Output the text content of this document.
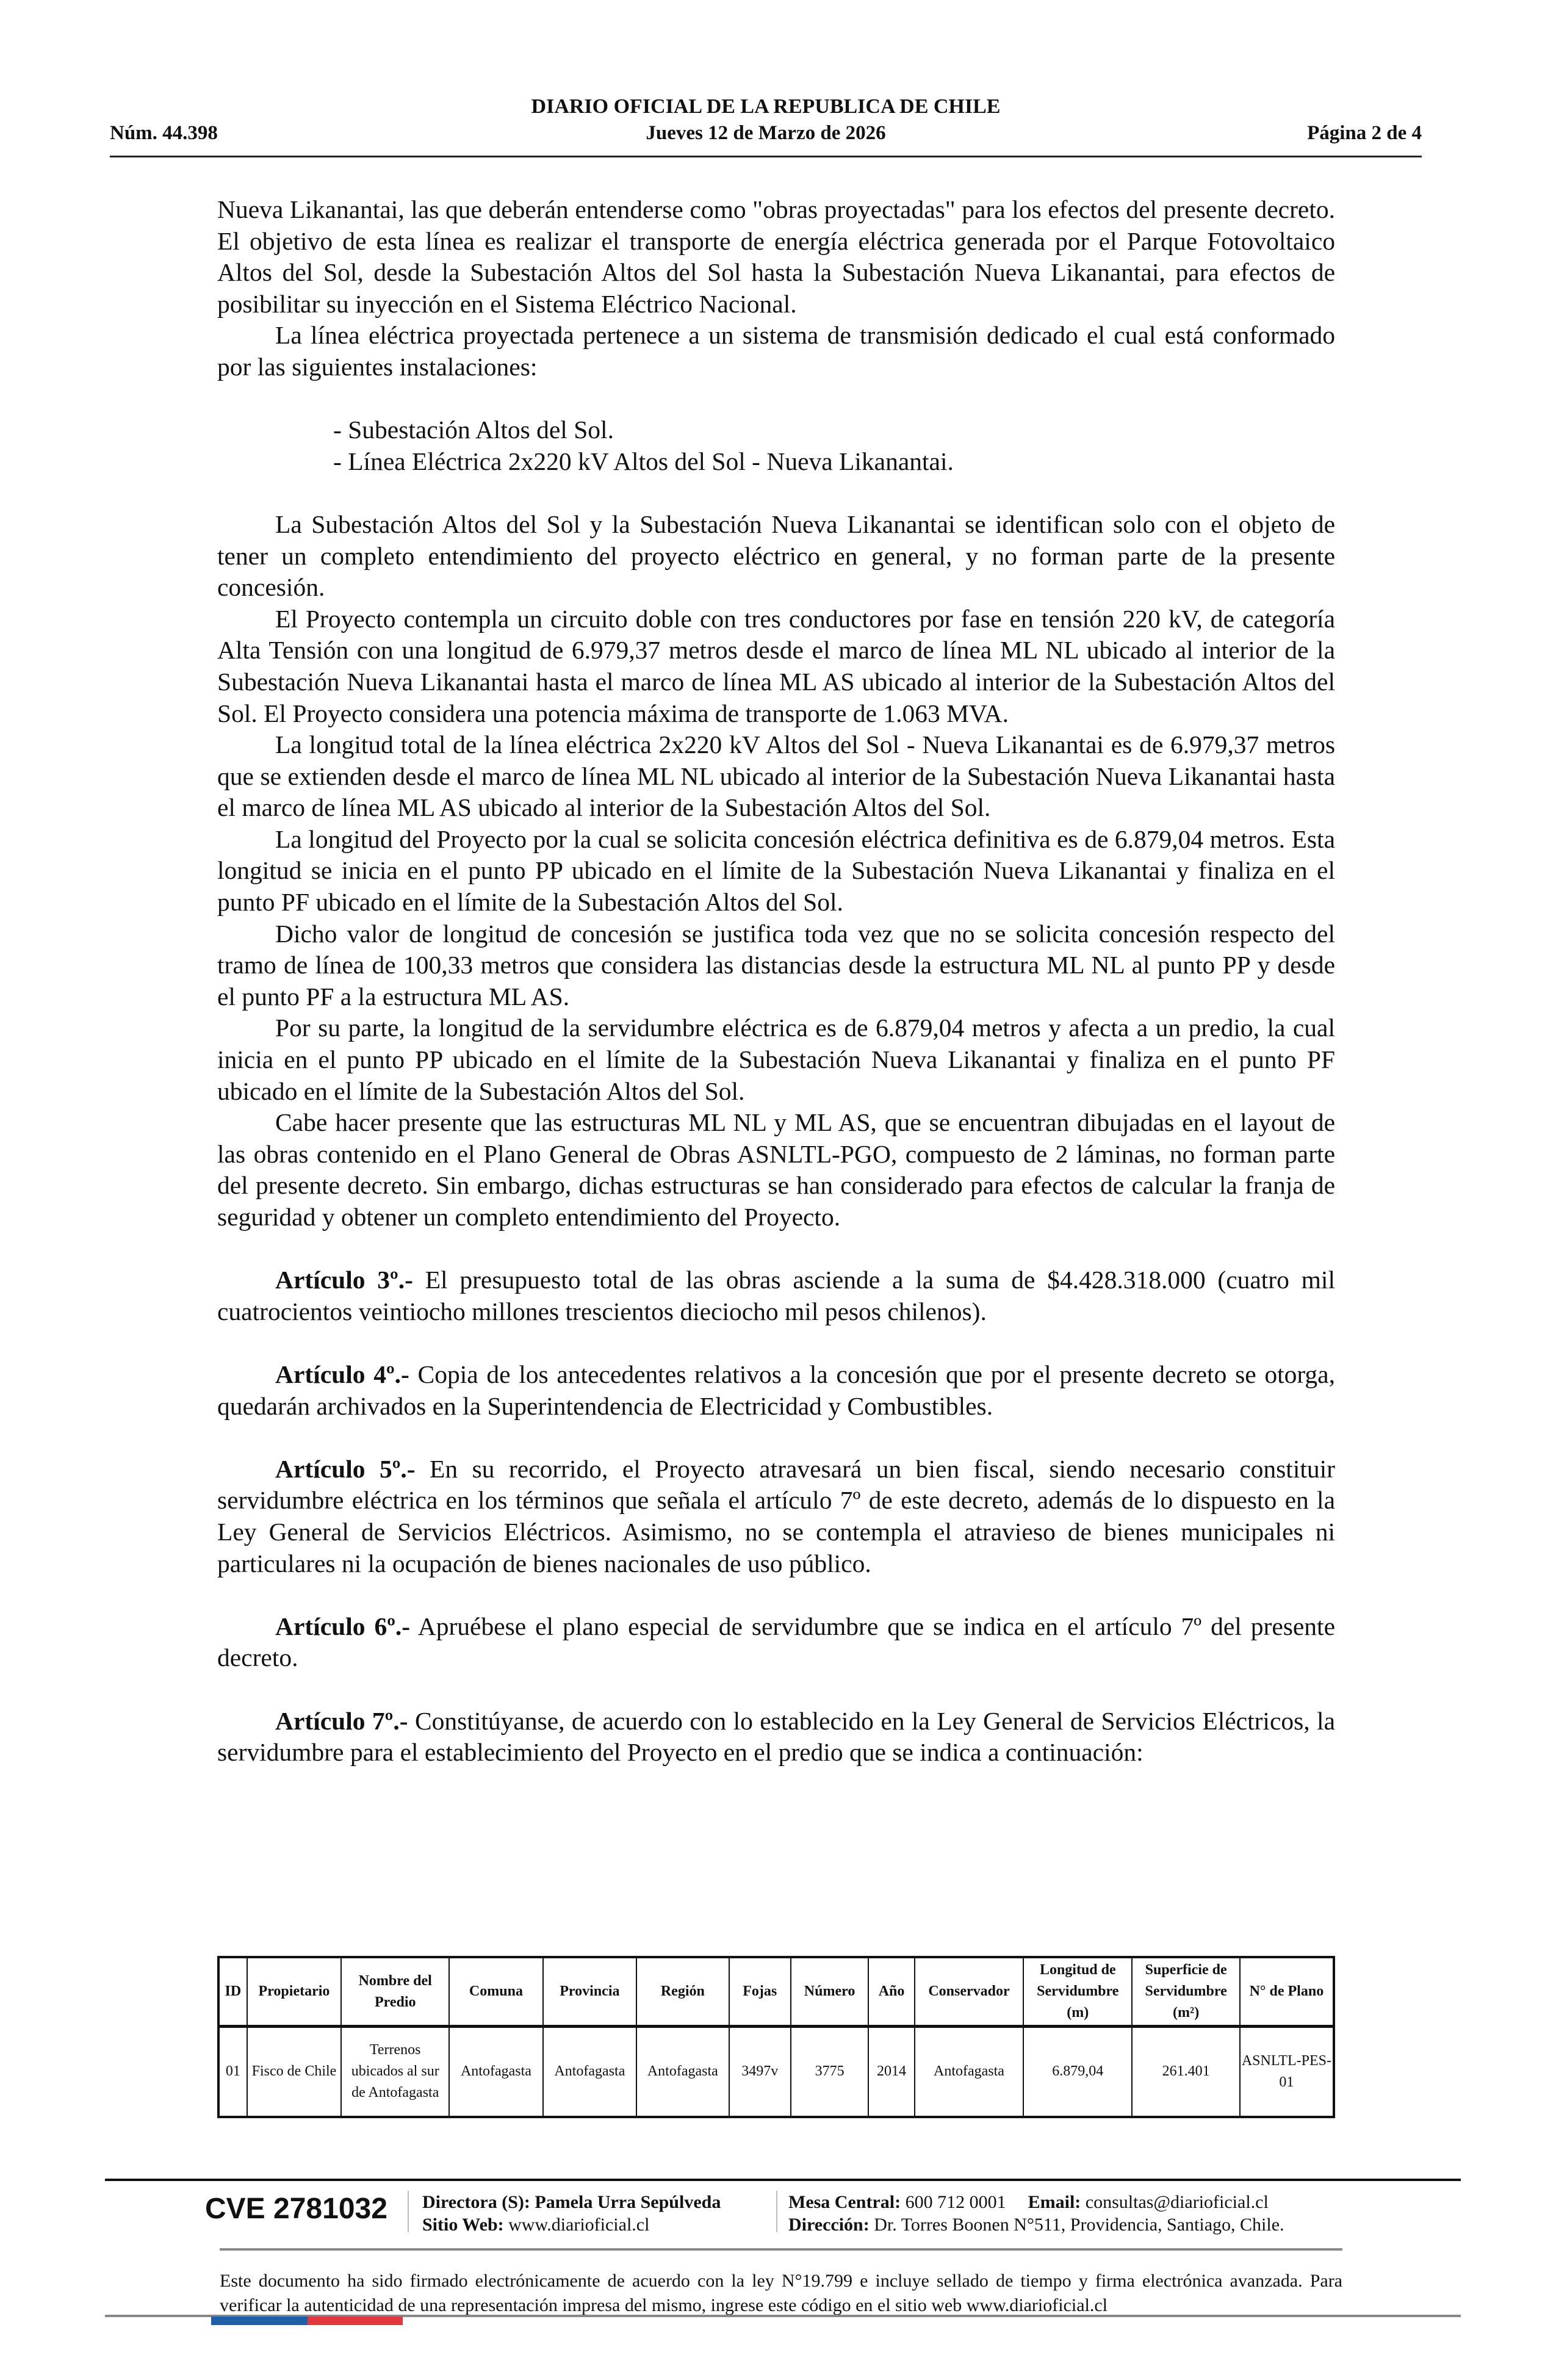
DIARIO OFICIAL DE LA REPUBLICA DE CHILE
Núm. 44.398	Jueves 12 de Marzo de 2026	Página 2 de 4

Nueva Likanantai, las que deberán entenderse como "obras proyectadas" para los efectos del presente decreto. El objetivo de esta línea es realizar el transporte de energía eléctrica generada por el Parque Fotovoltaico Altos del Sol, desde la Subestación Altos del Sol hasta la Subestación Nueva Likanantai, para efectos de posibilitar su inyección en el Sistema Eléctrico Nacional.

La línea eléctrica proyectada pertenece a un sistema de transmisión dedicado el cual está conformado por las siguientes instalaciones:

- Subestación Altos del Sol.

- Línea Eléctrica 2x220 kV Altos del Sol - Nueva Likanantai.

La Subestación Altos del Sol y la Subestación Nueva Likanantai se identifican solo con el objeto de tener un completo entendimiento del proyecto eléctrico en general, y no forman parte de la presente concesión.

El Proyecto contempla un circuito doble con tres conductores por fase en tensión 220 kV, de categoría Alta Tensión con una longitud de 6.979,37 metros desde el marco de línea ML NL ubicado al interior de la Subestación Nueva Likanantai hasta el marco de línea ML AS ubicado al interior de la Subestación Altos del Sol. El Proyecto considera una potencia máxima de transporte de 1.063 MVA.

La longitud total de la línea eléctrica 2x220 kV Altos del Sol - Nueva Likanantai es de 6.979,37 metros que se extienden desde el marco de línea ML NL ubicado al interior de la Subestación Nueva Likanantai hasta el marco de línea ML AS ubicado al interior de la Subestación Altos del Sol.

La longitud del Proyecto por la cual se solicita concesión eléctrica definitiva es de 6.879,04 metros. Esta longitud se inicia en el punto PP ubicado en el límite de la Subestación Nueva Likanantai y finaliza en el punto PF ubicado en el límite de la Subestación Altos del Sol.

Dicho valor de longitud de concesión se justifica toda vez que no se solicita concesión respecto del tramo de línea de 100,33 metros que considera las distancias desde la estructura ML NL al punto PP y desde el punto PF a la estructura ML AS.

Por su parte, la longitud de la servidumbre eléctrica es de 6.879,04 metros y afecta a un predio, la cual inicia en el punto PP ubicado en el límite de la Subestación Nueva Likanantai y finaliza en el punto PF ubicado en el límite de la Subestación Altos del Sol.

Cabe hacer presente que las estructuras ML NL y ML AS, que se encuentran dibujadas en el layout de las obras contenido en el Plano General de Obras ASNLTL-PGO, compuesto de 2 láminas, no forman parte del presente decreto. Sin embargo, dichas estructuras se han considerado para efectos de calcular la franja de seguridad y obtener un completo entendimiento del Proyecto.

Artículo 3º.- El presupuesto total de las obras asciende a la suma de $4.428.318.000 (cuatro mil cuatrocientos veintiocho millones trescientos dieciocho mil pesos chilenos).

Artículo 4º.- Copia de los antecedentes relativos a la concesión que por el presente decreto se otorga, quedarán archivados en la Superintendencia de Electricidad y Combustibles.

Artículo 5º.- En su recorrido, el Proyecto atravesará un bien fiscal, siendo necesario constituir servidumbre eléctrica en los términos que señala el artículo 7º de este decreto, además de lo dispuesto en la Ley General de Servicios Eléctricos. Asimismo, no se contempla el atravieso de bienes municipales ni particulares ni la ocupación de bienes nacionales de uso público.

Artículo 6º.- Apruébese el plano especial de servidumbre que se indica en el artículo 7º del presente decreto.

Artículo 7º.- Constitúyanse, de acuerdo con lo establecido en la Ley General de Servicios Eléctricos, la servidumbre para el establecimiento del Proyecto en el predio que se indica a continuación:

ID	Propietario	Nombre del Predio	Comuna	Provincia	Región	Fojas	Número	Año	Conservador	Longitud de Servidumbre (m)	Superficie de Servidumbre (m²)	N° de Plano
01	Fisco de Chile	Terrenos ubicados al sur de Antofagasta	Antofagasta	Antofagasta	Antofagasta	3497v	3775	2014	Antofagasta	6.879,04	261.401	ASNLTL-PES-01
CVE 2781032 Directora (S): Pamela Urra Sepúlveda
Sitio Web: www.diarioficial.cl
Mesa Central: 600 712 0001 Email: consultas@diarioficial.cl
Dirección: Dr. Torres Boonen N°511, Providencia, Santiago, Chile.
Este documento ha sido firmado electrónicamente de acuerdo con la ley N°19.799 e incluye sellado de tiempo y firma electrónica avanzada. Para verificar la autenticidad de una representación impresa del mismo, ingrese este código en el sitio web www.diarioficial.cl
